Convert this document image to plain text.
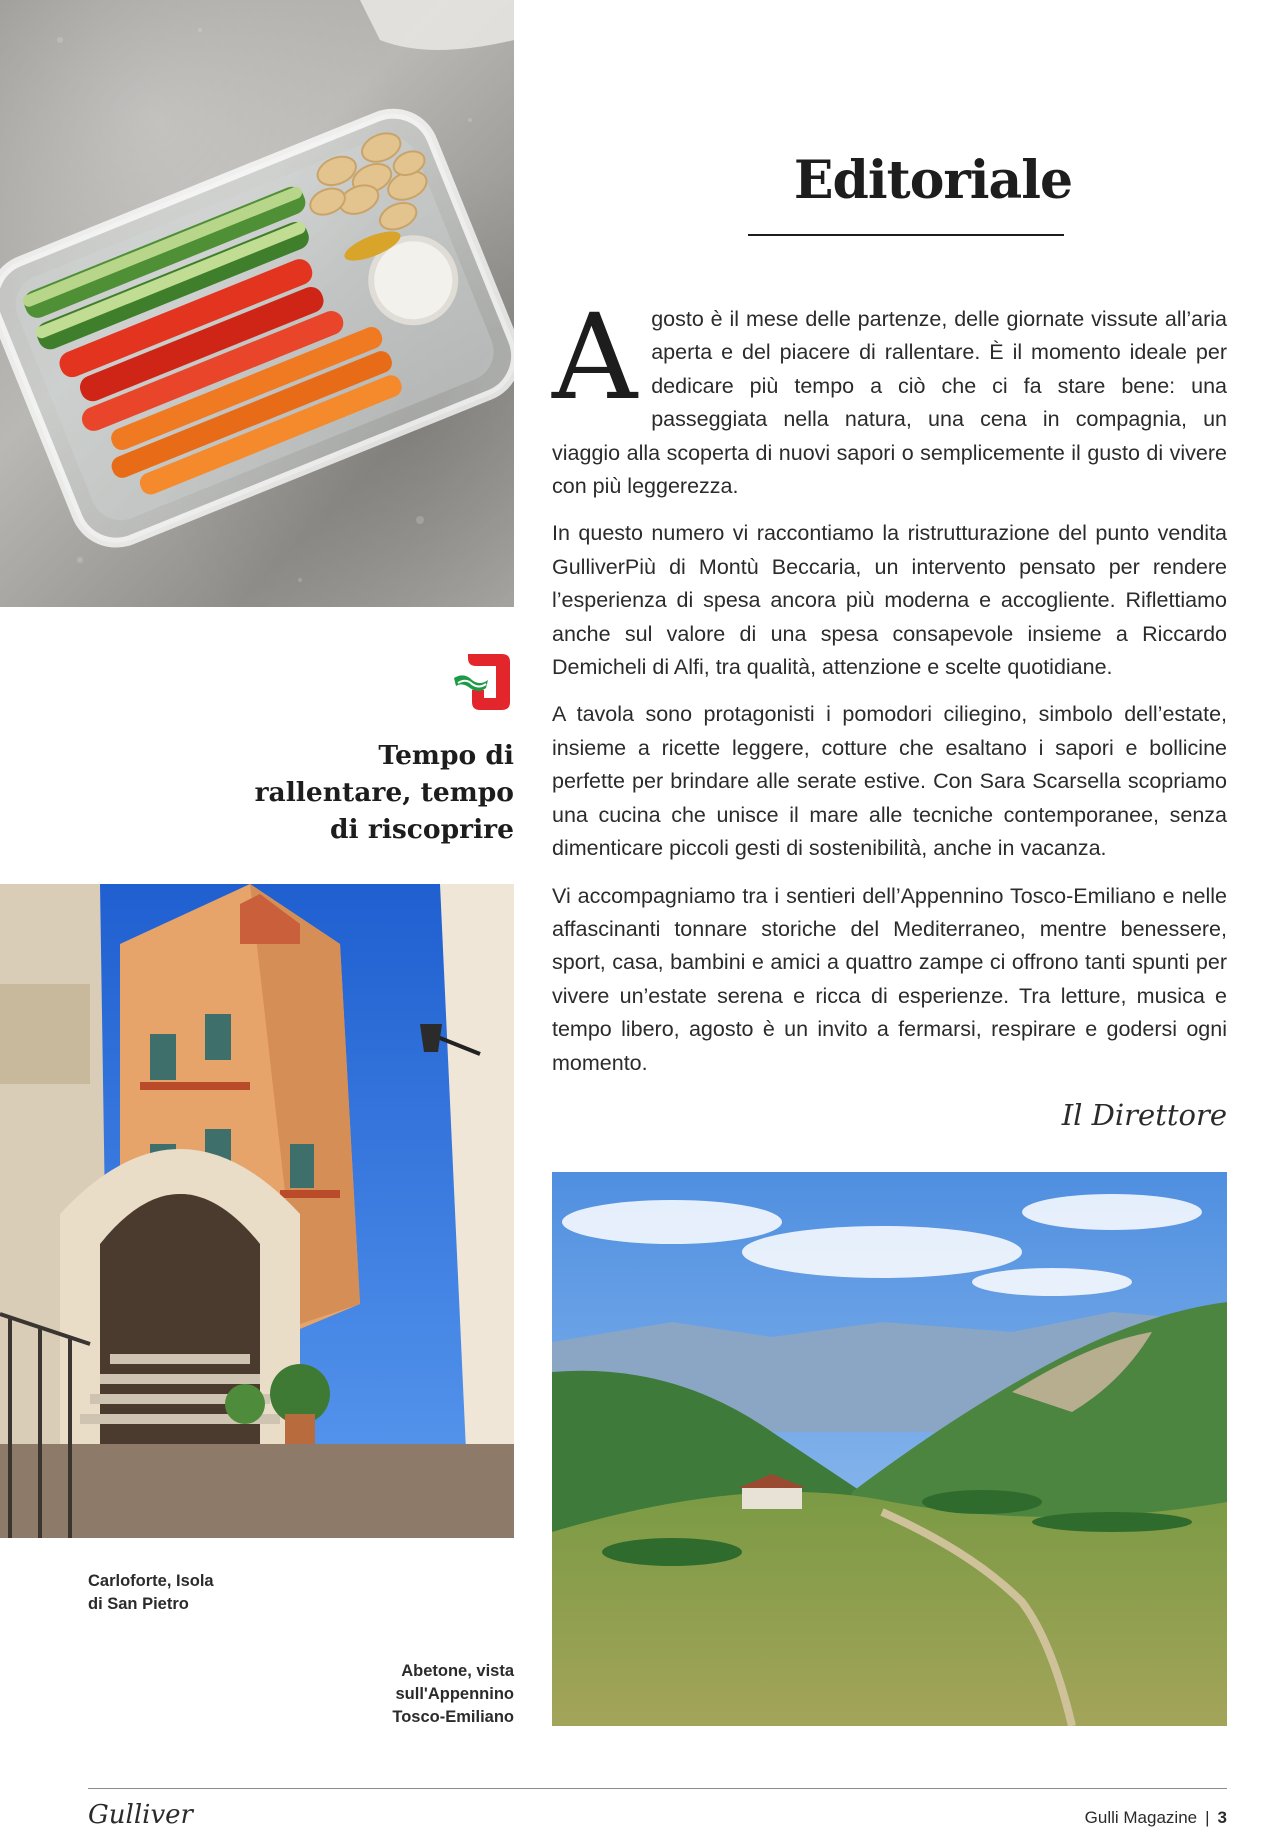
Editoriale

A gosto è il mese delle partenze, delle giornate vissute all’aria aperta e del piacere di rallentare. È il momento ideale per dedicare più tempo a ciò che ci fa stare bene: una passeggiata nella natura, una cena in compagnia, un viaggio alla scoperta di nuovi sapori o semplicemente il gusto di vivere con più leggerezza.

In questo numero vi raccontiamo la ristrutturazione del punto vendita GulliverPiù di Montù Beccaria, un intervento pensato per rendere l’esperienza di spesa ancora più moderna e accogliente. Riflettiamo anche sul valore di una spesa consapevole insieme a Riccardo Demicheli di Alfi, tra qualità, attenzione e scelte quotidiane.

A tavola sono protagonisti i pomodori ciliegino, simbolo dell’estate, insieme a ricette leggere, cotture che esaltano i sapori e bollicine perfette per brindare alle serate estive. Con Sara Scarsella scopriamo una cucina che unisce il mare alle tecniche contemporanee, senza dimenticare piccoli gesti di sostenibilità, anche in vacanza.

Vi accompagniamo tra i sentieri dell’Appennino Tosco-Emiliano e nelle affascinanti tonnare storiche del Mediterraneo, mentre benessere, sport, casa, bambini e amici a quattro zampe ci offrono tanti spunti per vivere un’estate serena e ricca di esperienze. Tra letture, musica e tempo libero, agosto è un invito a fermarsi, respirare e godersi ogni momento.

Il Direttore
Tempo di
rallentare, tempo
di riscoprire
Carloforte, Isola
di San Pietro
Abetone, vista
sull'Appennino
Tosco-Emiliano
Gulliver	Gulli Magazine | 3
